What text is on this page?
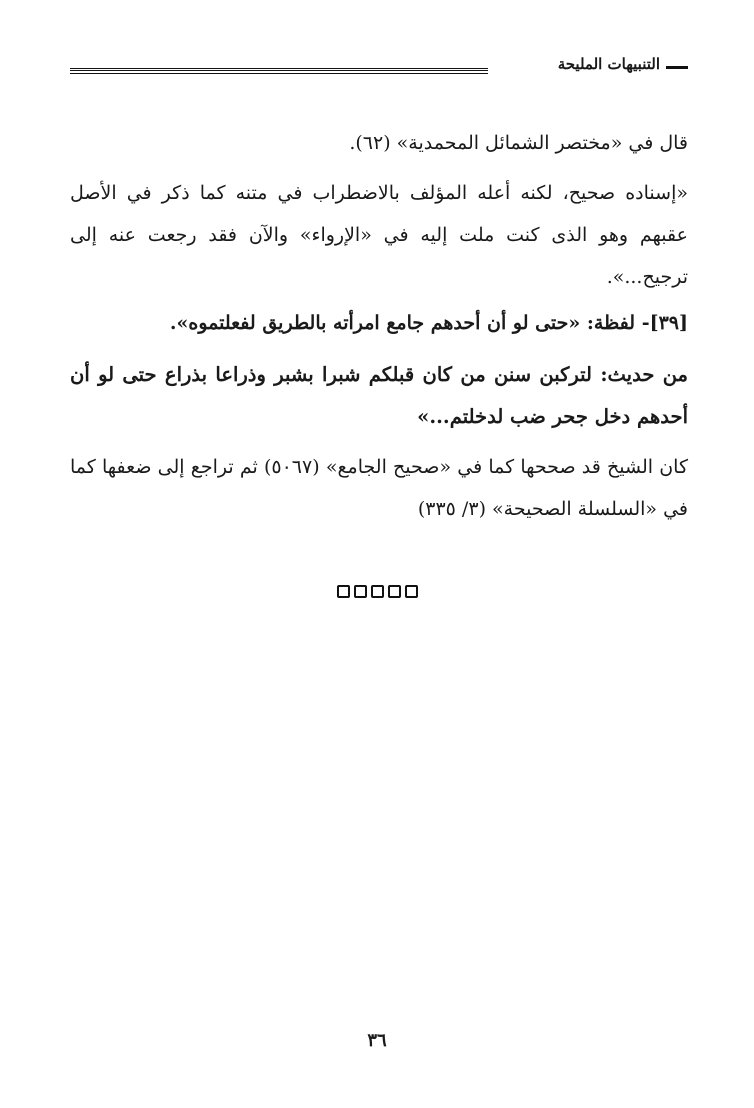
التنبيهات المليحة

قال في «مختصر الشمائل المحمدية» (٦٢).

«إسناده صحيح، لكنه أعله المؤلف بالاضطراب في متنه كما ذكر في الأصل عقبهم وهو الذى كنت ملت إليه في «الإرواء» والآن فقد رجعت عنه إلى ترجيح...».

[٣٩]- لفظة: «حتى لو أن أحدهم جامع امرأته بالطريق لفعلتموه».

من حديث: لتركبن سنن من كان قبلكم شبرا بشبر وذراعا بذراع حتى لو أن أحدهم دخل جحر ضب لدخلتم...»

كان الشيخ قد صححها كما في «صحيح الجامع» (٥٠٦٧) ثم تراجع إلى ضعفها كما في «السلسلة الصحيحة» (٣/ ٣٣٥)

٣٦
